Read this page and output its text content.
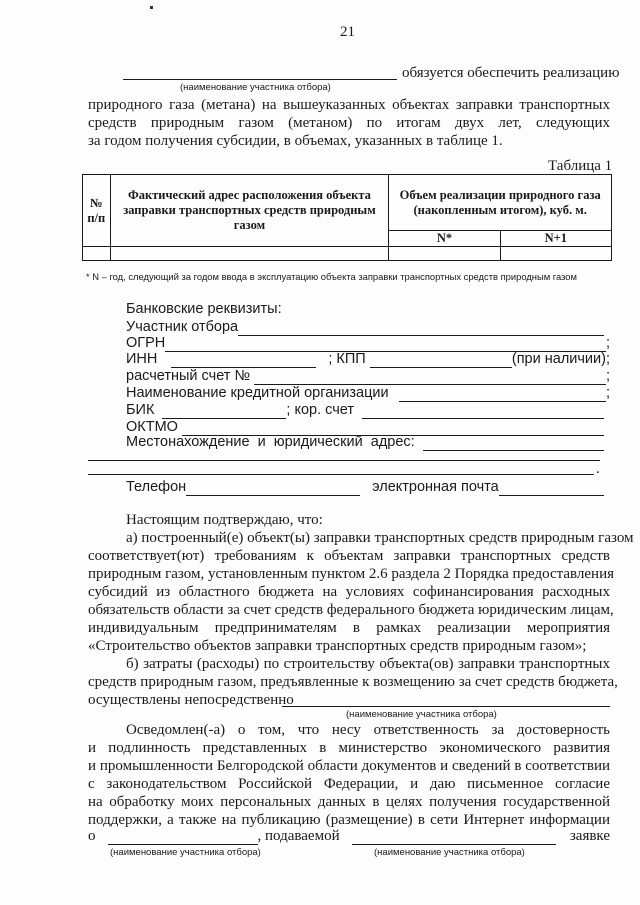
21
обязуется обеспечить реализацию
(наименование участника отбора)
природного газа (метана) на вышеуказанных объектах заправки транспортных
средств природным газом (метаном) по итогам двух лет, следующих
за годом получения субсидии, в объемах, указанных в таблице 1.
Таблица 1
№ п/п	Фактический адрес расположения объекта заправки транспортных средств природным газом	Объем реализации природного газа (накопленным итогом), куб. м.	
		N*	N+1

* N – год, следующий за годом ввода в эксплуатацию объекта заправки транспортных средств природным газом
Банковские реквизиты:
Участник отбора
ОГРН	;
ИНН	; КПП	(при наличии);
расчетный счет №	;
Наименование кредитной организации	;
БИК	; кор. счет
ОКТМО
Местонахождение и юридический адрес:
.
Телефон	электронная почта
Настоящим подтверждаю, что:
а) построенный(е) объект(ы) заправки транспортных средств природным газом
соответствует(ют) требованиям к объектам заправки транспортных средств
природным газом, установленным пунктом 2.6 раздела 2 Порядка предоставления
субсидий из областного бюджета на условиях софинансирования расходных
обязательств области за счет средств федерального бюджета юридическим лицам,
индивидуальным предпринимателям в рамках реализации мероприятия
«Строительство объектов заправки транспортных средств природным газом»;
б) затраты (расходы) по строительству объекта(ов) заправки транспортных
средств природным газом, предъявленные к возмещению за счет средств бюджета,
осуществлены непосредственно
(наименование участника отбора)
Осведомлен(-а) о том, что несу ответственность за достоверность
и подлинность представленных в министерство экономического развития
и промышленности Белгородской области документов и сведений в соответствии
с законодательством Российской Федерации, и даю письменное согласие
на обработку моих персональных данных в целях получения государственной
поддержки, а также на публикацию (размещение) в сети Интернет информации
о	, подаваемой	заявке
(наименование участника отбора)	(наименование участника отбора)
